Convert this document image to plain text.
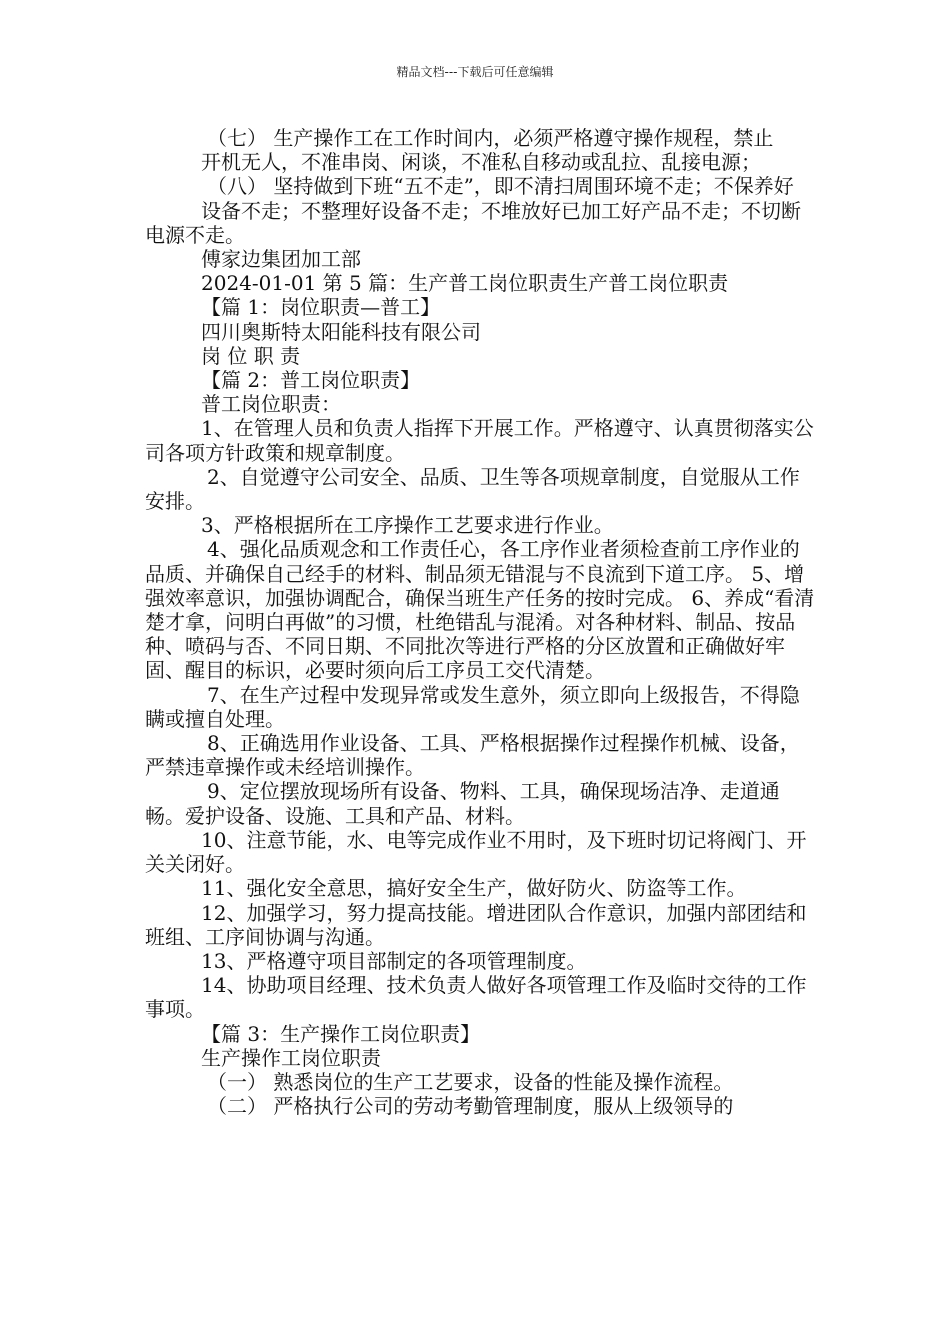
精品文档---下载后可任意编辑

（七） 生产操作工在工作时间内，必须严格遵守操作规程，禁止

开机无人，不准串岗、闲谈，不准私自移动或乱拉、乱接电源；

（八） 坚持做到下班“五不走”，即不清扫周围环境不走；不保养好

设备不走；不整理好设备不走；不堆放好已加工好产品不走；不切断电源不走。

傅家边集团加工部

2024-01-01 第 5 篇：生产普工岗位职责生产普工岗位职责

【篇 1：岗位职责—普工】

四川奥斯特太阳能科技有限公司

岗 位 职 责

【篇 2：普工岗位职责】

普工岗位职责：

1、在管理人员和负责人指挥下开展工作。严格遵守、认真贯彻落实公司各项方针政策和规章制度。

2、自觉遵守公司安全、品质、卫生等各项规章制度，自觉服从工作安排。

3、严格根据所在工序操作工艺要求进行作业。

4、强化品质观念和工作责任心，各工序作业者须检查前工序作业的品质、并确保自己经手的材料、制品须无错混与不良流到下道工序。 5、增强效率意识，加强协调配合，确保当班生产任务的按时完成。 6、养成“看清楚才拿，问明白再做”的习惯，杜绝错乱与混淆。对各种材料、制品、按品种、喷码与否、不同日期、不同批次等进行严格的分区放置和正确做好牢固、醒目的标识，必要时须向后工序员工交代清楚。

7、在生产过程中发现异常或发生意外，须立即向上级报告，不得隐瞒或擅自处理。

8、正确选用作业设备、工具、严格根据操作过程操作机械、设备，严禁违章操作或未经培训操作。

9、定位摆放现场所有设备、物料、工具，确保现场洁净、走道通畅。爱护设备、设施、工具和产品、材料。

10、注意节能，水、电等完成作业不用时，及下班时切记将阀门、开关关闭好。

11、强化安全意思，搞好安全生产，做好防火、防盗等工作。

12、加强学习，努力提高技能。增进团队合作意识，加强内部团结和班组、工序间协调与沟通。

13、严格遵守项目部制定的各项管理制度。

14、协助项目经理、技术负责人做好各项管理工作及临时交待的工作事项。

【篇 3：生产操作工岗位职责】

生产操作工岗位职责

（一） 熟悉岗位的生产工艺要求，设备的性能及操作流程。

（二） 严格执行公司的劳动考勤管理制度，服从上级领导的
